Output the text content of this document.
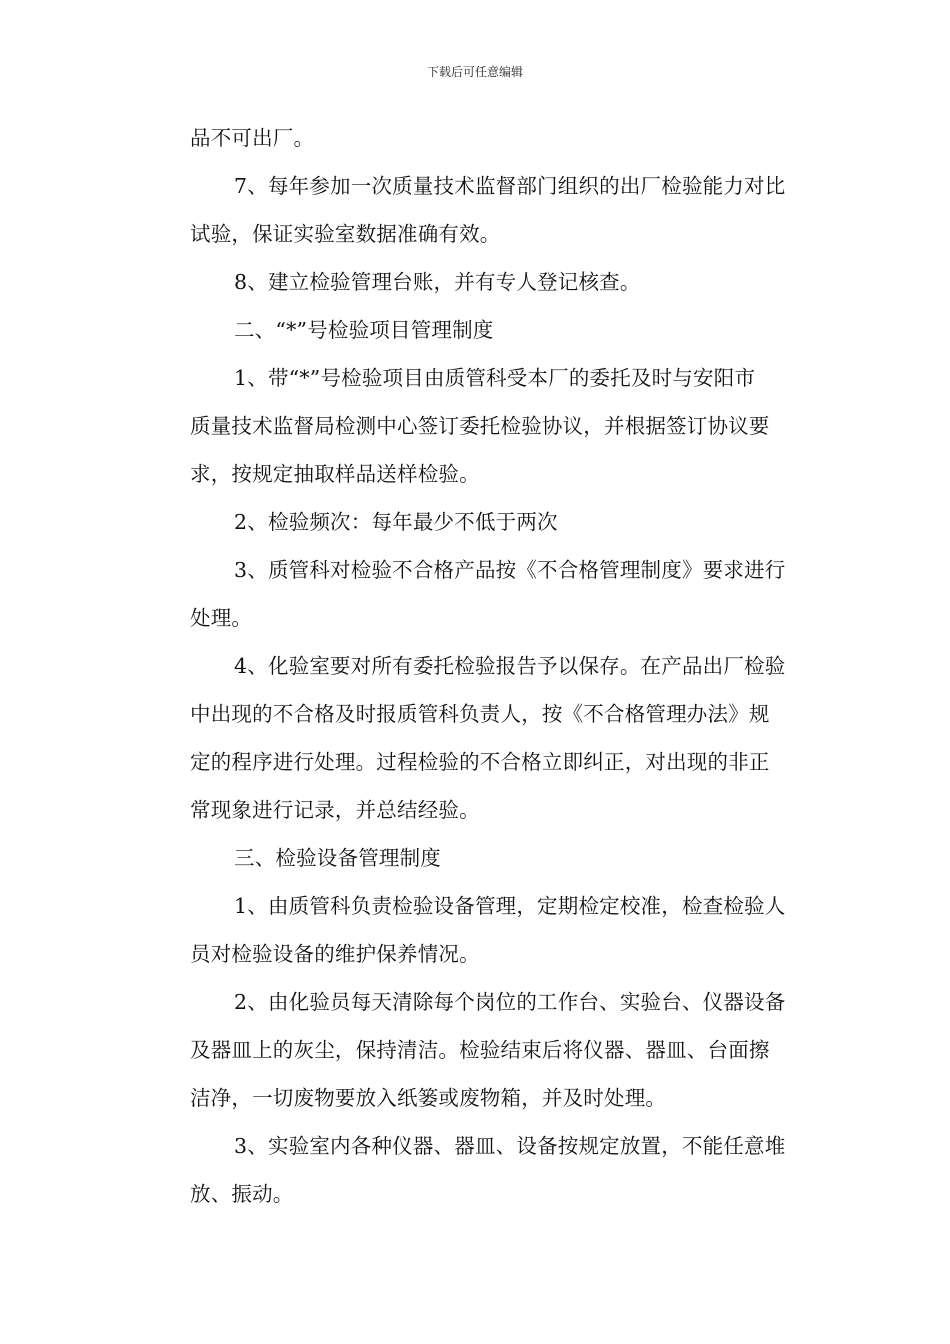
下载后可任意编辑

品不可出厂。

7、每年参加一次质量技术监督部门组织的出厂检验能力对比

试验，保证实验室数据准确有效。

8、建立检验管理台账，并有专人登记核查。

二、“*”号检验项目管理制度

1、带“*”号检验项目由质管科受本厂的委托及时与安阳市

质量技术监督局检测中心签订委托检验协议，并根据签订协议要

求，按规定抽取样品送样检验。

2、检验频次：每年最少不低于两次

3、质管科对检验不合格产品按《不合格管理制度》要求进行

处理。

4、化验室要对所有委托检验报告予以保存。在产品出厂检验

中出现的不合格及时报质管科负责人，按《不合格管理办法》规

定的程序进行处理。过程检验的不合格立即纠正，对出现的非正

常现象进行记录，并总结经验。

三、检验设备管理制度

1、由质管科负责检验设备管理，定期检定校准，检查检验人

员对检验设备的维护保养情况。

2、由化验员每天清除每个岗位的工作台、实验台、仪器设备

及器皿上的灰尘，保持清洁。检验结束后将仪器、器皿、台面擦

洁净，一切废物要放入纸篓或废物箱，并及时处理。

3、实验室内各种仪器、器皿、设备按规定放置，不能任意堆

放、振动。
